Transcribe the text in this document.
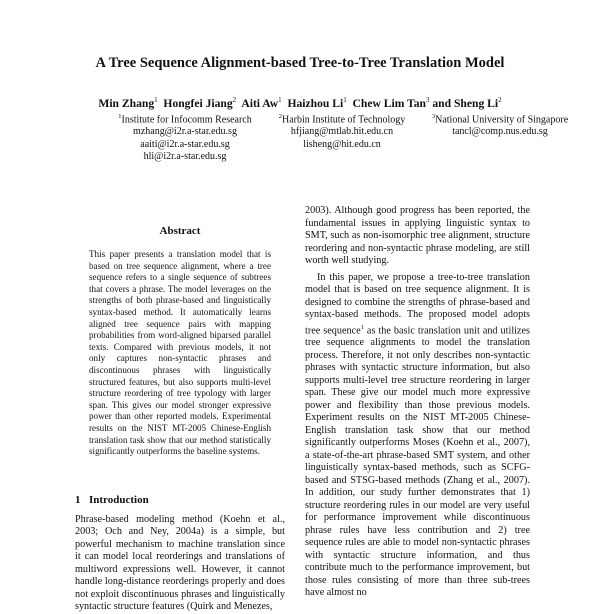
A Tree Sequence Alignment-based Tree-to-Tree Translation Model
Min Zhang$^1$ Hongfei Jiang$^2$ Aiti Aw$^1$ Haizhou Li$^1$ Chew Lim Tan$^3$ and Sheng Li$^2$
$^1$Institute for Infocomm Research
mzhang@i2r.a-star.edu.sg
aaiti@i2r.a-star.edu.sg
hli@i2r.a-star.edu.sg
$^2$Harbin Institute of Technology
hfjiang@mtlab.hit.edu.cn
lisheng@hit.edu.cn
$^3$National University of Singapore
tancl@comp.nus.edu.sg
Abstract
This paper presents a translation model that is based on tree sequence alignment, where a tree sequence refers to a single sequence of subtrees that covers a phrase. The model leverages on the strengths of both phrase-based and linguistically syntax-based method. It automatically learns aligned tree sequence pairs with mapping probabilities from word-aligned biparsed parallel texts. Compared with previous models, it not only captures non-syntactic phrases and discontinuous phrases with linguistically structured features, but also supports multi-level structure reordering of tree typology with larger span. This gives our model stronger expressive power than other reported models. Experimental results on the NIST MT-2005 Chinese-English translation task show that our method statistically significantly outperforms the baseline systems.
1 Introduction

Phrase-based modeling method (Koehn et al., 2003; Och and Ney, 2004a) is a simple, but powerful mechanism to machine translation since it can model local reorderings and translations of multiword expressions well. However, it cannot handle long-distance reorderings properly and does not exploit discontinuous phrases and linguistically syntactic structure features (Quirk and Menezes,

2003). Although good progress has been reported, the fundamental issues in applying linguistic syntax to SMT, such as non-isomorphic tree alignment, structure reordering and non-syntactic phrase modeling, are still worth well studying.

In this paper, we propose a tree-to-tree translation model that is based on tree sequence alignment. It is designed to combine the strengths of phrase-based and syntax-based methods. The proposed model adopts tree sequence$^1$ as the basic translation unit and utilizes tree sequence alignments to model the translation process. Therefore, it not only describes non-syntactic phrases with syntactic structure information, but also supports multi-level tree structure reordering in larger span. These give our model much more expressive power and flexibility than those previous models. Experiment results on the NIST MT-2005 Chinese-English translation task show that our method significantly outperforms Moses (Koehn et al., 2007), a state-of-the-art phrase-based SMT system, and other linguistically syntax-based methods, such as SCFG-based and STSG-based methods (Zhang et al., 2007). In addition, our study further demonstrates that 1) structure reordering rules in our model are very useful for performance improvement while discontinuous phrase rules have less contribution and 2) tree sequence rules are able to model non-syntactic phrases with syntactic structure information, and thus contribute much to the performance improvement, but those rules consisting of more than three sub-trees have almost no
